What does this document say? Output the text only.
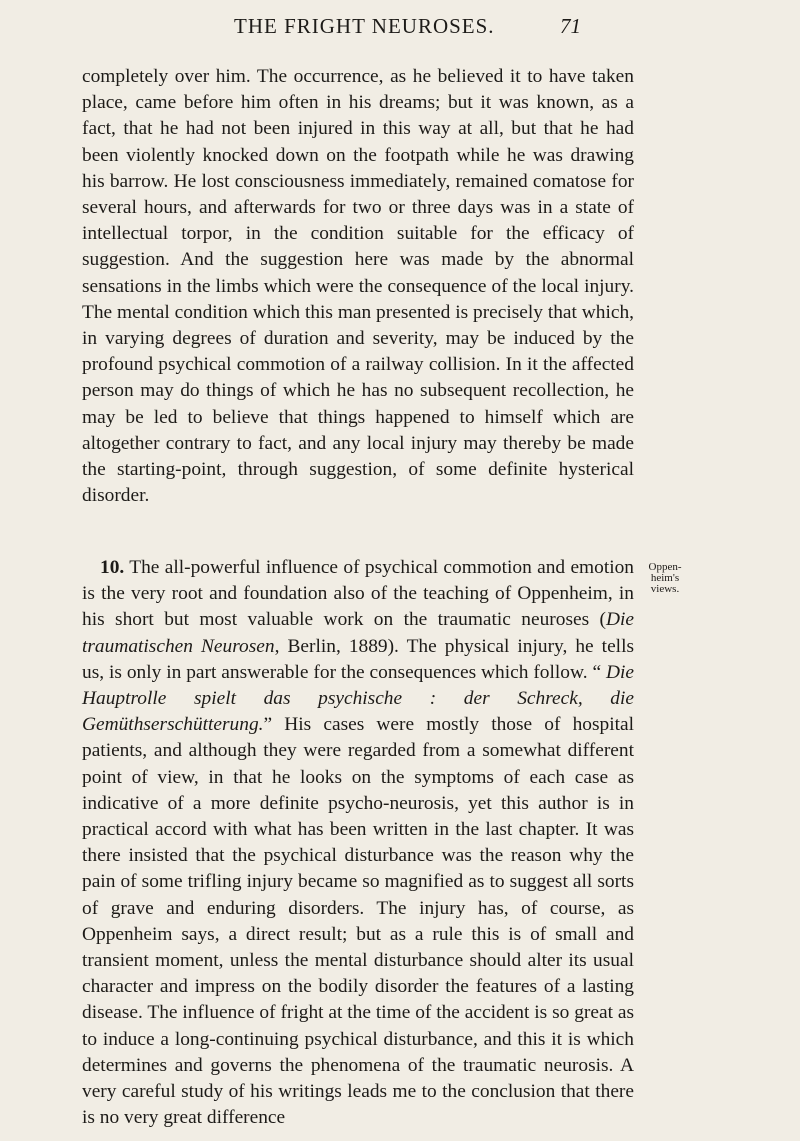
THE FRIGHT NEUROSES.	71

completely over him. The occurrence, as he believed it to have taken place, came before him often in his dreams; but it was known, as a fact, that he had not been injured in this way at all, but that he had been violently knocked down on the footpath while he was drawing his barrow. He lost consciousness immediately, remained comatose for several hours, and afterwards for two or three days was in a state of intellectual torpor, in the condition suitable for the efficacy of suggestion. And the suggestion here was made by the abnormal sensations in the limbs which were the consequence of the local injury. The mental condition which this man presented is precisely that which, in varying degrees of duration and severity, may be induced by the profound psychical commotion of a railway collision. In it the affected person may do things of which he has no subsequent recollection, he may be led to believe that things happened to himself which are altogether contrary to fact, and any local injury may thereby be made the starting-point, through suggestion, of some definite hysterical disorder.

10. The all-powerful influence of psychical commotion and emotion is the very root and foundation also of the teaching of Oppenheim, in his short but most valuable work on the traumatic neuroses (Die traumatischen Neurosen, Berlin, 1889). The physical injury, he tells us, is only in part answerable for the consequences which follow. “ Die Hauptrolle spielt das psychische : der Schreck, die Gemüthserschütterung.” His cases were mostly those of hospital patients, and although they were regarded from a somewhat different point of view, in that he looks on the symptoms of each case as indicative of a more definite psycho-neurosis, yet this author is in practical accord with what has been written in the last chapter. It was there insisted that the psychical disturbance was the reason why the pain of some trifling injury became so magnified as to suggest all sorts of grave and enduring disorders. The injury has, of course, as Oppenheim says, a direct result; but as a rule this is of small and transient moment, unless the mental disturbance should alter its usual character and impress on the bodily disorder the features of a lasting disease. The influence of fright at the time of the accident is so great as to induce a long-continuing psychical disturbance, and this it is which determines and governs the phenomena of the traumatic neurosis. A very careful study of his writings leads me to the conclusion that there is no very great difference

Oppen-
heim's
views.
